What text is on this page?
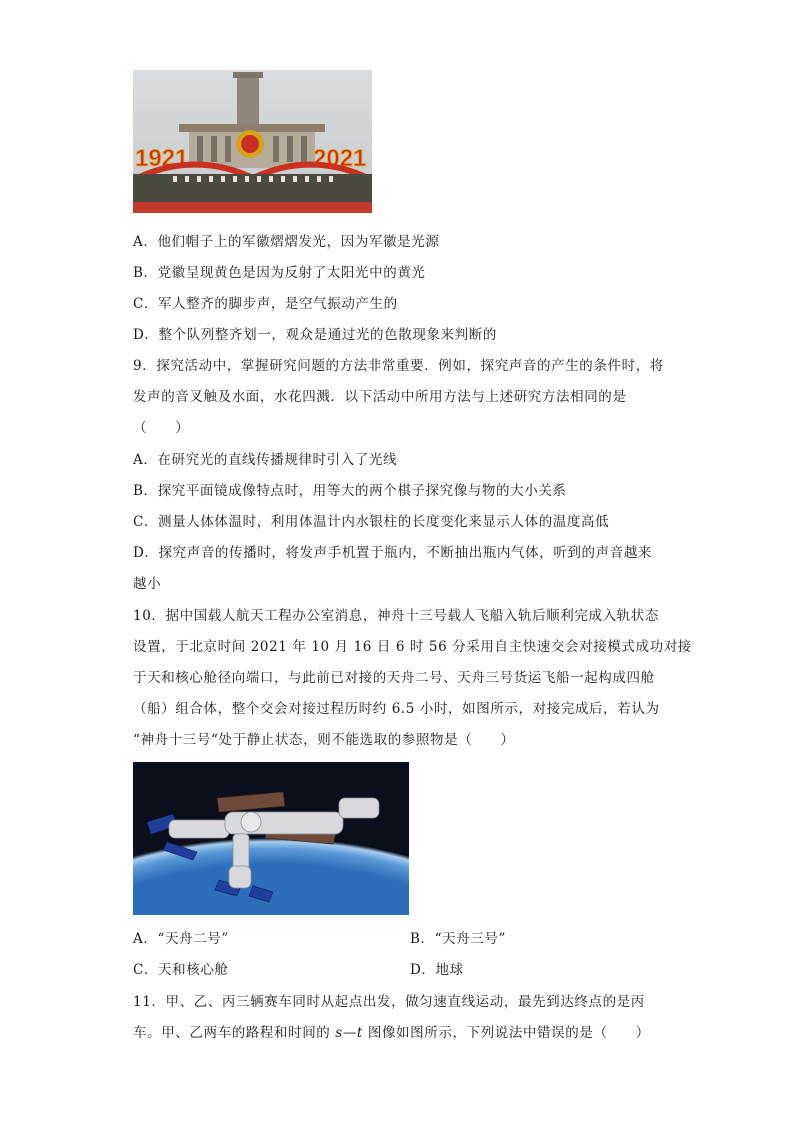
1921	2021
A．他们帽子上的军徽熠熠发光，因为军徽是光源
B．党徽呈现黄色是因为反射了太阳光中的黄光
C．军人整齐的脚步声，是空气振动产生的
D．整个队列整齐划一，观众是通过光的色散现象来判断的
9．探究活动中，掌握研究问题的方法非常重要．例如，探究声音的产生的条件时，将
发声的音叉触及水面，水花四溅．以下活动中所用方法与上述研究方法相同的是
（　　）
A．在研究光的直线传播规律时引入了光线
B．探究平面镜成像特点时，用等大的两个棋子探究像与物的大小关系
C．测量人体体温时，利用体温计内水银柱的长度变化来显示人体的温度高低
D．探究声音的传播时，将发声手机置于瓶内，不断抽出瓶内气体，听到的声音越来
越小
10．据中国载人航天工程办公室消息，神舟十三号载人飞船入轨后顺利完成入轨状态
设置，于北京时间 2021 年 10 月 16 日 6 时 56 分采用自主快速交会对接模式成功对接
于天和核心舱径向端口，与此前已对接的天舟二号、天舟三号货运飞船一起构成四舱
（船）组合体，整个交会对接过程历时约 6.5 小时，如图所示，对接完成后，若认为
“神舟十三号“处于静止状态，则不能选取的参照物是（　　）
A．“天舟二号”	B．“天舟三号”
C．天和核心舱	D．地球
11．甲、乙、丙三辆赛车同时从起点出发，做匀速直线运动，最先到达终点的是丙
车。甲、乙两车的路程和时间的 s—t 图像如图所示，下列说法中错误的是（　　）
